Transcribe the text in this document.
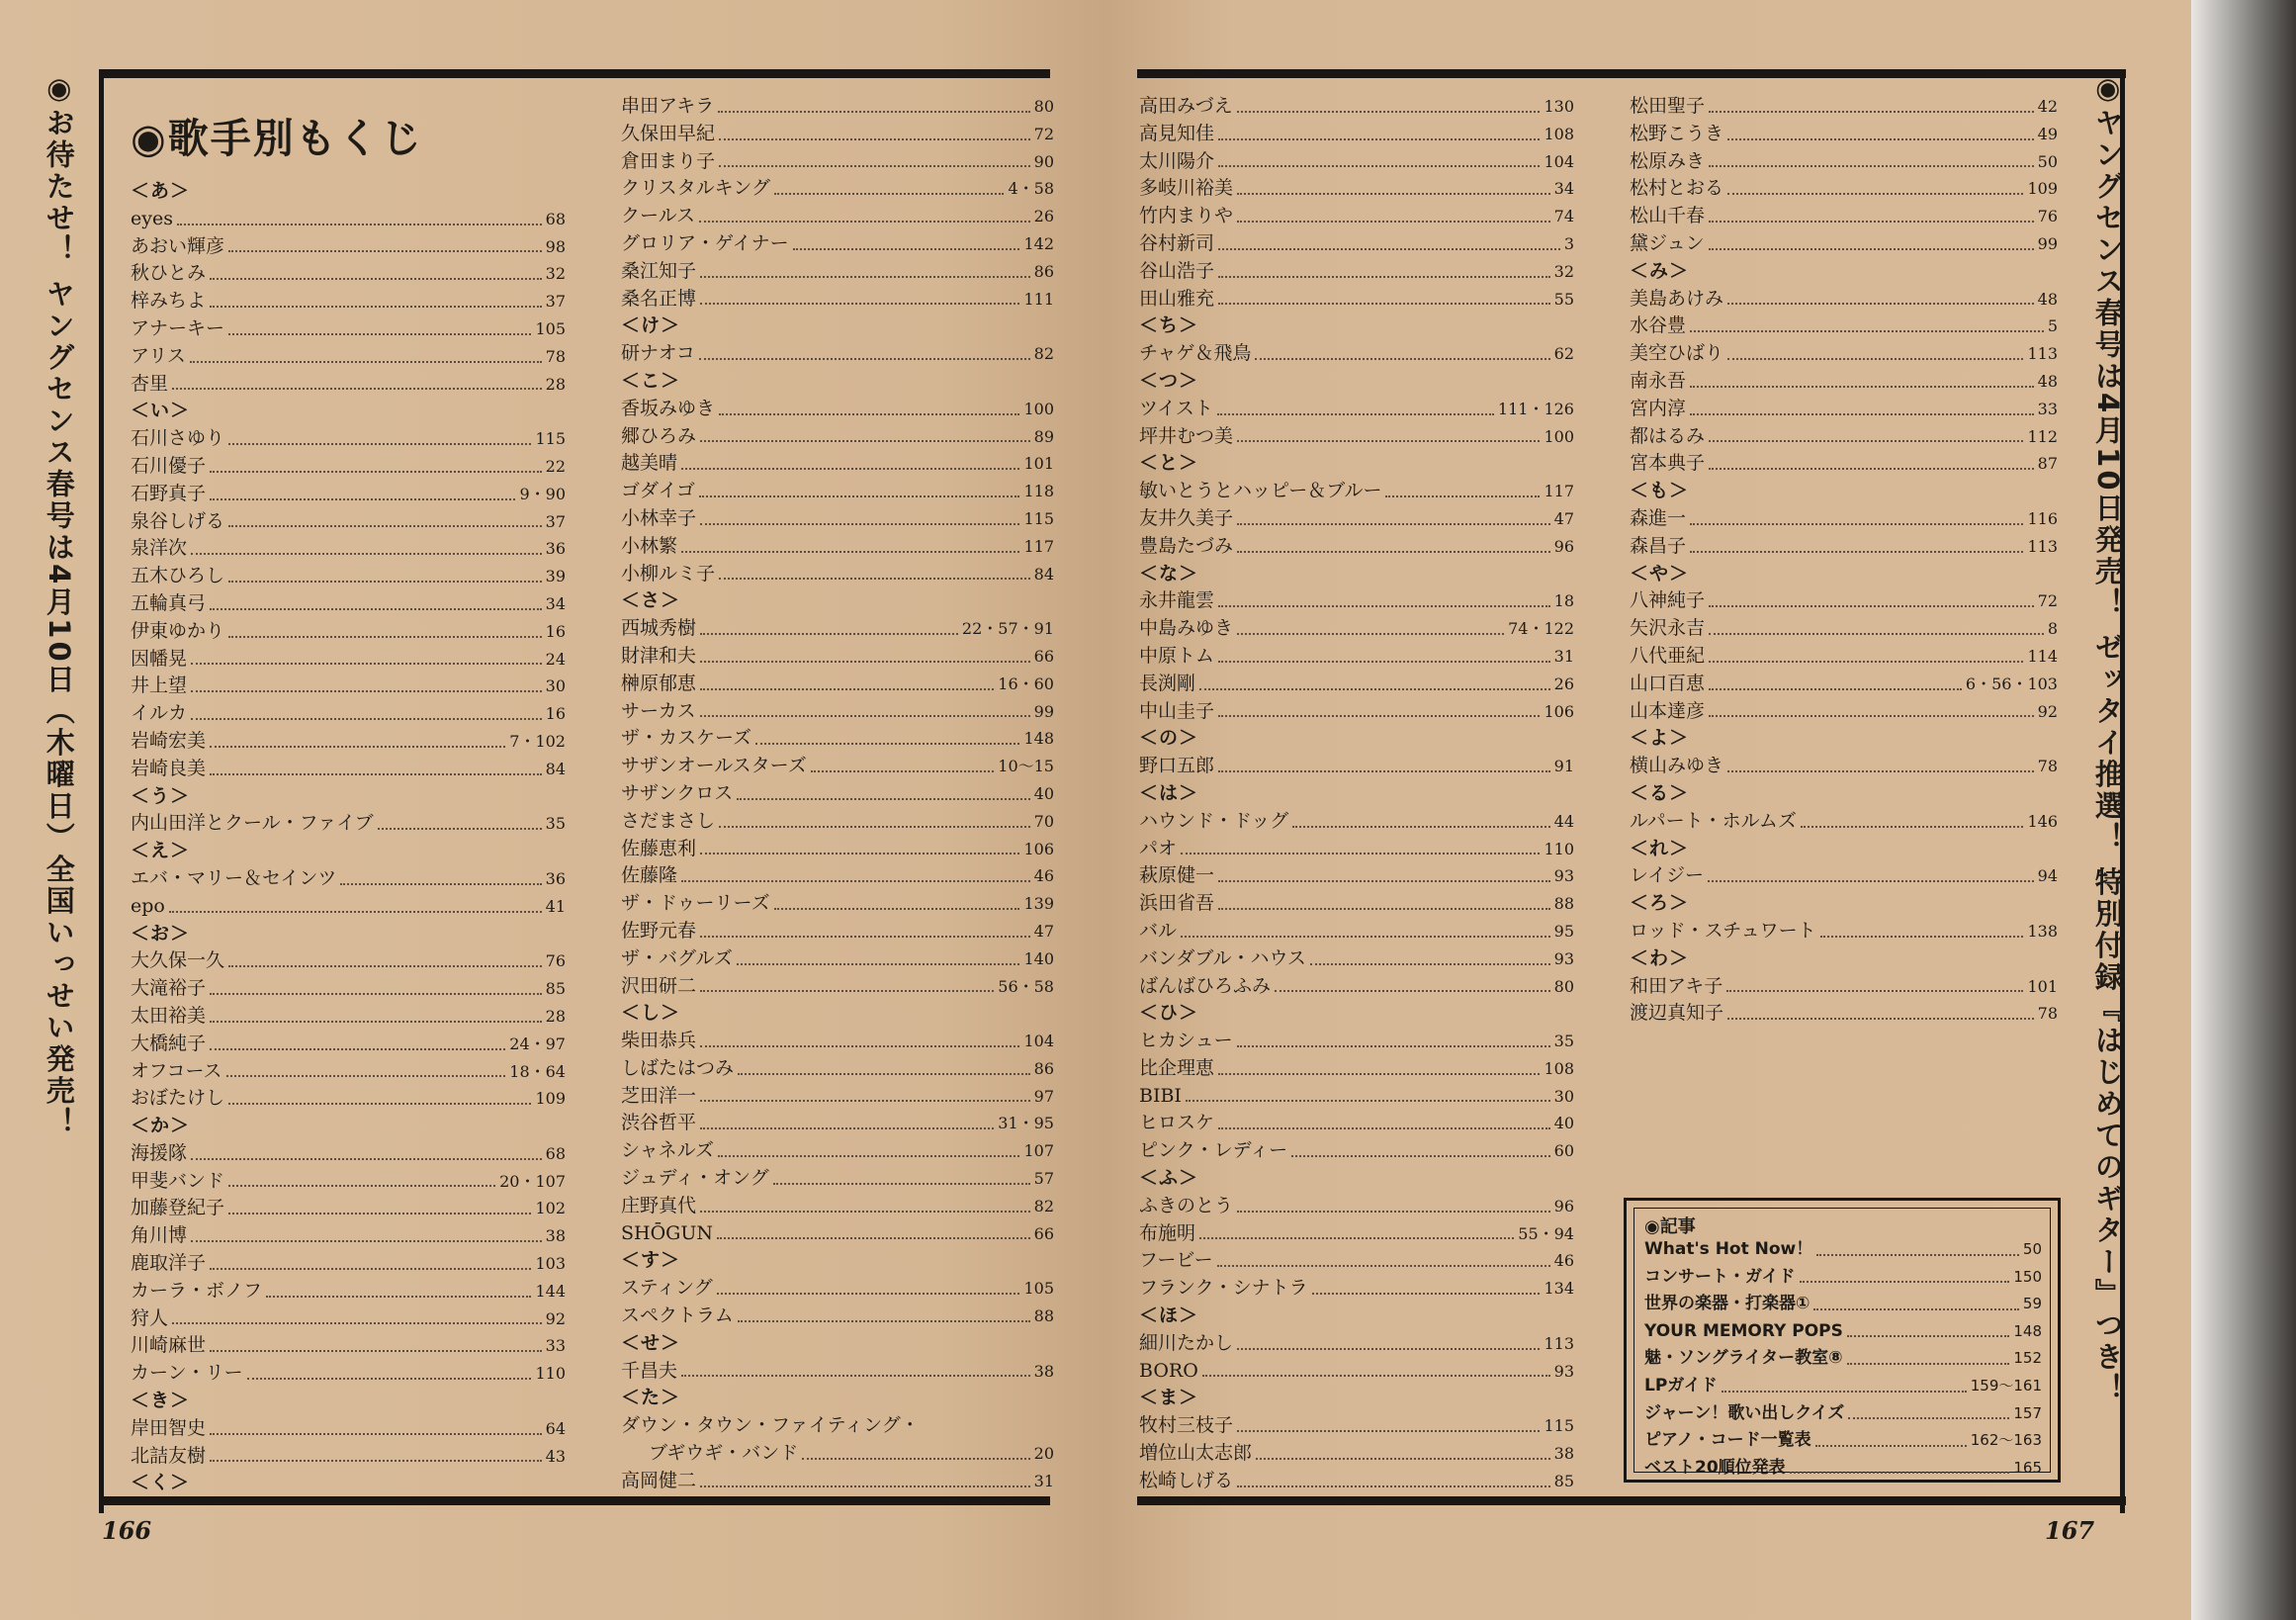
◉お待たせ！ ヤングセンス春号は4月10日（木曜日）全国いっせい発売！ ◉歌手別もくじ
＜あ＞
eyes	68
あおい輝彦	98
秋ひとみ	32
梓みちよ	37
アナーキー	105
アリス	78
杏里	28
＜い＞
石川さゆり	115
石川優子	22
石野真子	9・90
泉谷しげる	37
泉洋次	36
五木ひろし	39
五輪真弓	34
伊東ゆかり	16
因幡晃	24
井上望	30
イルカ	16
岩崎宏美	7・102
岩崎良美	84
＜う＞
内山田洋とクール・ファイブ	35
＜え＞
エバ・マリー＆セインツ	36
epo	41
＜お＞
大久保一久	76
大滝裕子	85
太田裕美	28
大橋純子	24・97
オフコース	18・64
おぼたけし	109
＜か＞
海援隊	68
甲斐バンド	20・107
加藤登紀子	102
角川博	38
鹿取洋子	103
カーラ・ボノフ	144
狩人	92
川崎麻世	33
カーン・リー	110
＜き＞
岸田智史	64
北詰友樹	43
＜く＞
串田アキラ	80
久保田早紀	72
倉田まり子	90
クリスタルキング	4・58
クールス	26
グロリア・ゲイナー	142
桑江知子	86
桑名正博	111
＜け＞
研ナオコ	82
＜こ＞
香坂みゆき	100
郷ひろみ	89
越美晴	101
ゴダイゴ	118
小林幸子	115
小林繁	117
小柳ルミ子	84
＜さ＞
西城秀樹	22・57・91
財津和夫	66
榊原郁恵	16・60
サーカス	99
ザ・カスケーズ	148
サザンオールスターズ	10〜15
サザンクロス	40
さだまさし	70
佐藤恵利	106
佐藤隆	46
ザ・ドゥーリーズ	139
佐野元春	47
ザ・バグルズ	140
沢田研二	56・58
＜し＞
柴田恭兵	104
しばたはつみ	86
芝田洋一	97
渋谷哲平	31・95
シャネルズ	107
ジュディ・オング	57
庄野真代	82
SHŌGUN	66
＜す＞
スティング	105
スペクトラム	88
＜せ＞
千昌夫	38
＜た＞
ダウン・タウン・ファイティング・
ブギウギ・バンド	20
高岡健二	31
166
◉ヤングセンス春号は4月10日発売！ ゼッタイ推選！ 特別付録『はじめてのギター』つき！
高田みづえ	130
高見知佳	108
太川陽介	104
多岐川裕美	34
竹内まりや	74
谷村新司	3
谷山浩子	32
田山雅充	55
＜ち＞
チャゲ＆飛鳥	62
＜つ＞
ツイスト	111・126
坪井むつ美	100
＜と＞
敏いとうとハッピー＆ブルー	117
友井久美子	47
豊島たづみ	96
＜な＞
永井龍雲	18
中島みゆき	74・122
中原トム	31
長渕剛	26
中山圭子	106
＜の＞
野口五郎	91
＜は＞
ハウンド・ドッグ	44
パオ	110
萩原健一	93
浜田省吾	88
バル	95
バンダブル・ハウス	93
ばんばひろふみ	80
＜ひ＞
ヒカシュー	35
比企理恵	108
BIBI	30
ヒロスケ	40
ピンク・レディー	60
＜ふ＞
ふきのとう	96
布施明	55・94
フービー	46
フランク・シナトラ	134
＜ほ＞
細川たかし	113
BORO	93
＜ま＞
牧村三枝子	115
増位山太志郎	38
松崎しげる	85
松田聖子	42
松野こうき	49
松原みき	50
松村とおる	109
松山千春	76
黛ジュン	99
＜み＞
美島あけみ	48
水谷豊	5
美空ひばり	113
南永吾	48
宮内淳	33
都はるみ	112
宮本典子	87
＜も＞
森進一	116
森昌子	113
＜や＞
八神純子	72
矢沢永吉	8
八代亜紀	114
山口百恵	6・56・103
山本達彦	92
＜よ＞
横山みゆき	78
＜る＞
ルパート・ホルムズ	146
＜れ＞
レイジー	94
＜ろ＞
ロッド・スチュワート	138
＜わ＞
和田アキ子	101
渡辺真知子	78
167
◉記事
What's Hot Now！	50
コンサート・ガイド	150
世界の楽器・打楽器①	59
YOUR MEMORY POPS	148
魅・ソングライター教室⑧	152
LPガイド	159〜161
ジャーン！歌い出しクイズ	157
ピアノ・コード一覧表	162〜163
ベスト20順位発表	165
